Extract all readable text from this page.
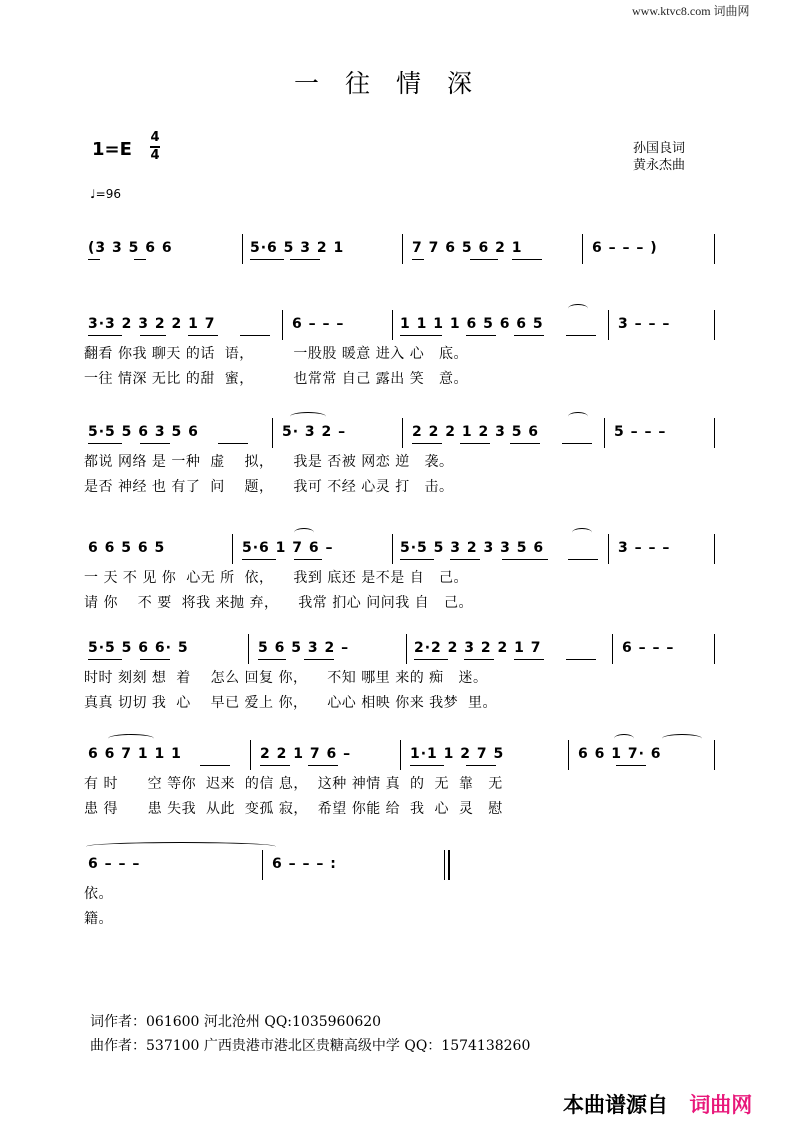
www.ktvc8.com 词曲网
一往情深
1=E
4
4	孙国良词
黄永杰曲
♩=96
(3 3 5 6 6	5·6 5 3 2 1	7 7 6 5 6 2 1	6 – – – )
3·3 2 3 2 2 1 7	6 – – –	1 1 1 1 6 5 6 6 5	3 – – –
翻看 你我 聊天 的话  语，        一股股 暖意 进入 心   底。
一往 情深 无比 的甜  蜜，        也常常 自己 露出 笑   意。
5·5 5 6 3 5 6	5· 3 2 –	2 2 2 1 2 3 5 6	5 – – –
都说 网络 是 一种  虚    拟，    我是 否被 网恋 逆   袭。
是否 神经 也 有了  问    题，    我可 不经 心灵 打   击。
6 6 5 6 5	5·6 1 7 6 –	5·5 5 3 2 3 3 5 6	3 – – –
一 天 不 见 你  心无 所  依，    我到 底还 是不是 自   己。
请 你    不 要  将我 来抛 弃，    我常 扪心 问问我 自   己。
5·5 5 6 6· 5	5 6 5 3 2 –	2·2 2 3 2 2 1 7	6 – – –
时时 刻刻 想  着    怎么 回复 你，    不知 哪里 来的 痴   迷。
真真 切切 我  心    早已 爱上 你，    心心 相映 你来 我梦  里。
6 6 7 1 1 1	2 2 1 7 6 –	1·1 1 2 7 5	6 6 1 7· 6
有 时      空 等你  迟来  的信 息，  这种 神情 真  的  无  靠   无
患 得      患 失我  从此  变孤 寂，  希望 你能 给  我  心  灵   慰
6 – – –	6 – – – :
依。
籍。
词作者：061600 河北沧州 QQ:1035960620
曲作者：537100 广西贵港市港北区贵糖高级中学 QQ：1574138260
本曲谱源自 词曲网
